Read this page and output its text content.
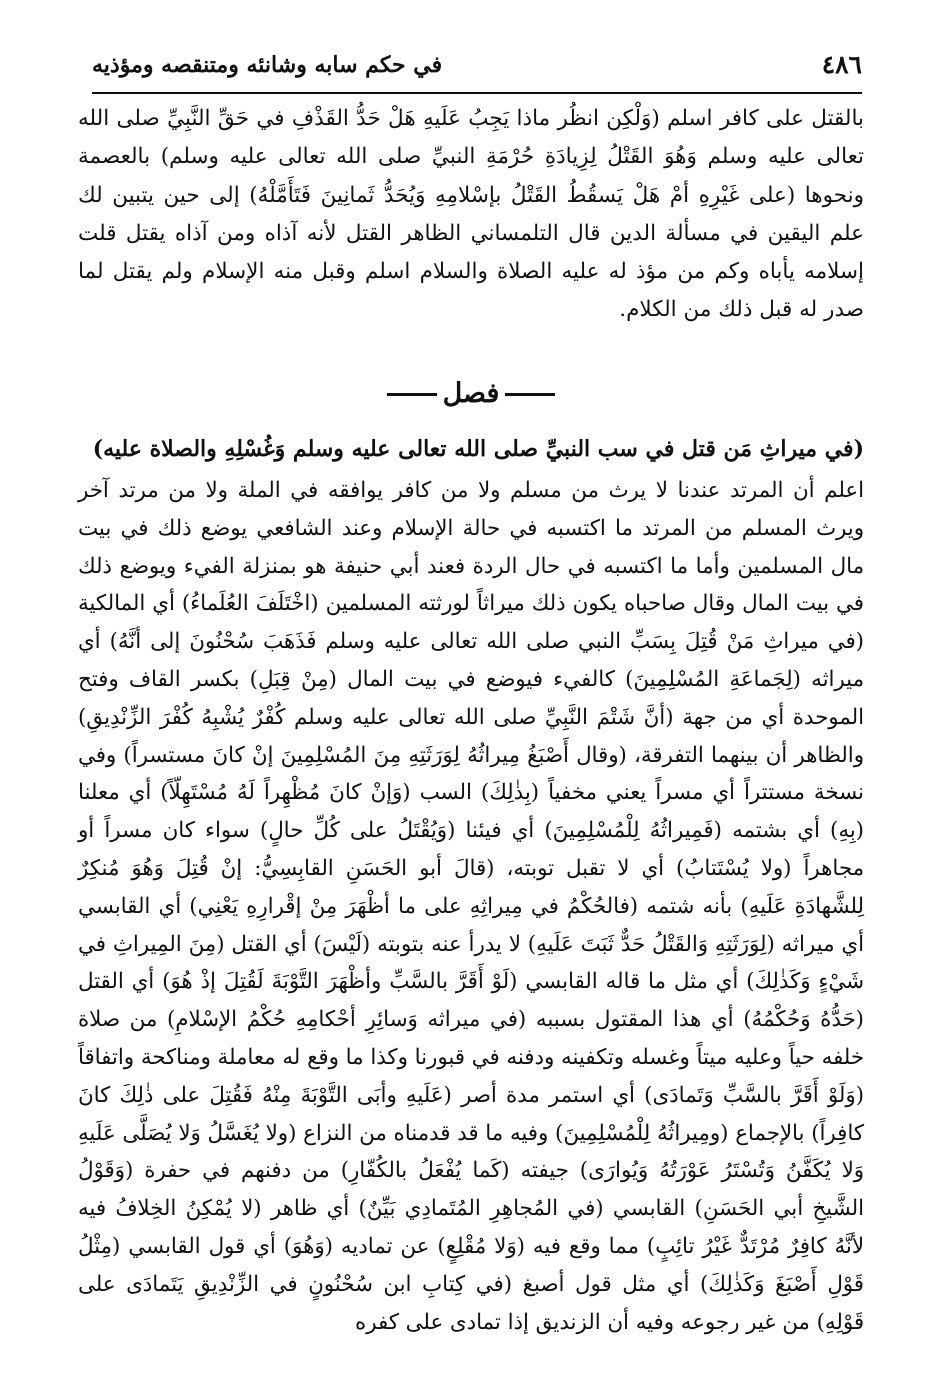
٤٨٦
في حكم سابه وشانئه ومتنقصه ومؤذيه

بالقتل على كافر اسلم (وَلْكِن انظُر ماذا يَجِبُ عَلَيهِ هَلْ حَدُّ القَذْفِ في حَقِّ النَّبِيِّ صلى الله تعالى عليه وسلم وَهُوَ القَتْلُ لِزِيادَةِ حُرْمَةِ النبيِّ صلى الله تعالى عليه وسلم) بالعصمة ونحوها (على غَيْرِهِ أمْ هَلْ يَسقُطُ القَتْلُ بإسْلامِهِ وَيُحَدُّ ثَمانِينَ فَتَأَمَّلْهُ) إلى حين يتبين لك علم اليقين في مسألة الدين قال التلمساني الظاهر القتل لأنه آذاه ومن آذاه يقتل قلت إسلامه يأباه وكم من مؤذ له عليه الصلاة والسلام اسلم وقبل منه الإسلام ولم يقتل لما صدر له قبل ذلك من الكلام.

فصل
(في ميراثِ مَن قتل في سب النبيِّ صلى الله تعالى عليه وسلم وَغُسْلِهِ والصلاة عليه)

اعلم أن المرتد عندنا لا يرث من مسلم ولا من كافر يوافقه في الملة ولا من مرتد آخر ويرث المسلم من المرتد ما اكتسبه في حالة الإسلام وعند الشافعي يوضع ذلك في بيت مال المسلمين وأما ما اكتسبه في حال الردة فعند أبي حنيفة هو بمنزلة الفيء ويوضع ذلك في بيت المال وقال صاحباه يكون ذلك ميراثاً لورثته المسلمين (اخْتَلَفَ العُلَماءُ) أي المالكية (في ميراثِ مَنْ قُتِلَ بِسَبِّ النبي صلى الله تعالى عليه وسلم فَذَهَبَ سُحْنُونَ إلى أنَّهُ) أي ميراثه (لِجَماعَةِ المُسْلِمِينَ) كالفيء فيوضع في بيت المال (مِنْ قِبَلِ) بكسر القاف وفتح الموحدة أي من جهة (أنَّ شَتْمَ النَّبِيِّ صلى الله تعالى عليه وسلم كُفْرٌ يُشْبِهُ كُفْرَ الزِّنْدِيقِ) والظاهر أن بينهما التفرقة، (وقال أَصْبَغُ مِيراثُهُ لِوَرَثَتِهِ مِنَ المُسْلِمِينَ إنْ كانَ مستسراً) وفي نسخة مستتراً أي مسراً يعني مخفياً (بِذٰلِكَ) السب (وَإنْ كانَ مُظْهِراً لَهُ مُسْتَهِلّاً) أي معلنا (بِهِ) أي بشتمه (فَمِيراثُهُ لِلْمُسْلِمِينَ) أي فيئنا (وَيُقْتَلُ على كُلِّ حالٍ) سواء كان مسراً أو مجاهراً (ولا يُسْتَتابُ) أي لا تقبل توبته، (قالَ أبو الحَسَنِ القابِسِيُّ: إنْ قُتِلَ وَهُوَ مُنكِرٌ لِلشَّهادَةِ عَلَيهِ) بأنه شتمه (فالحُكْمُ في مِيراثِهِ على ما أظْهَرَ مِنْ إقْرارِهِ يَعْنِي) أي القابسي أي ميراثه (لِوَرَثَتِهِ وَالقَتْلُ حَدٌّ ثَبَتَ عَلَيهِ) لا يدرأ عنه بتوبته (لَيْسَ) أي القتل (مِنَ المِيراثِ في شَيْءٍ وَكَذٰلِكَ) أي مثل ما قاله القابسي (لَوْ أَقَرَّ بالسَّبِّ وأظْهَرَ التَّوْبَةَ لَقُتِلَ إذْ هُوَ) أي القتل (حَدُّهُ وَحُكْمُهُ) أي هذا المقتول بسببه (في ميراثه وَسائِرِ أحْكامِهِ حُكْمُ الإسْلامِ) من صلاة خلفه حياً وعليه ميتاً وغسله وتكفينه ودفنه في قبورنا وكذا ما وقع له معاملة ومناكحة واتفاقاً (وَلَوْ أَقَرَّ بالسَّبِّ وَتَمادَى) أي استمر مدة أصر (عَلَيهِ وأبَى التَّوْبَةَ مِنْهُ فَقُتِلَ على ذٰلِكَ كانَ كافِراً) بالإجماع (ومِيراثُهُ لِلْمُسْلِمِينَ) وفيه ما قد قدمناه من النزاع (ولا يُغَسَّلُ وَلا يُصَلَّى عَلَيهِ وَلا يُكَفَّنُ وَتُسْتَرُ عَوْرَتُهُ وَيُوارَى) جيفته (كَما يُفْعَلُ بالكُفّارِ) من دفنهم في حفرة (وَقَوْلُ الشَّيخِ أبي الحَسَنِ) القابسي (في المُجاهِرِ المُتَمادِي بَيِّنٌ) أي ظاهر (لا يُمْكِنُ الخِلافُ فيه لأنَّهُ كافِرٌ مُرْتَدٌّ غَيْرُ تائِبٍ) مما وقع فيه (وَلا مُقْلِعٍ) عن تماديه (وَهُوَ) أي قول القابسي (مِثْلُ قَوْلِ أَصْبَغَ وَكَذٰلِكَ) أي مثل قول أصبغ (في كِتابِ ابن سُحْنُونٍ في الزِّنْدِيقِ يَتَمادَى على قَوْلِهِ) من غير رجوعه وفيه أن الزنديق إذا تمادى على كفره
